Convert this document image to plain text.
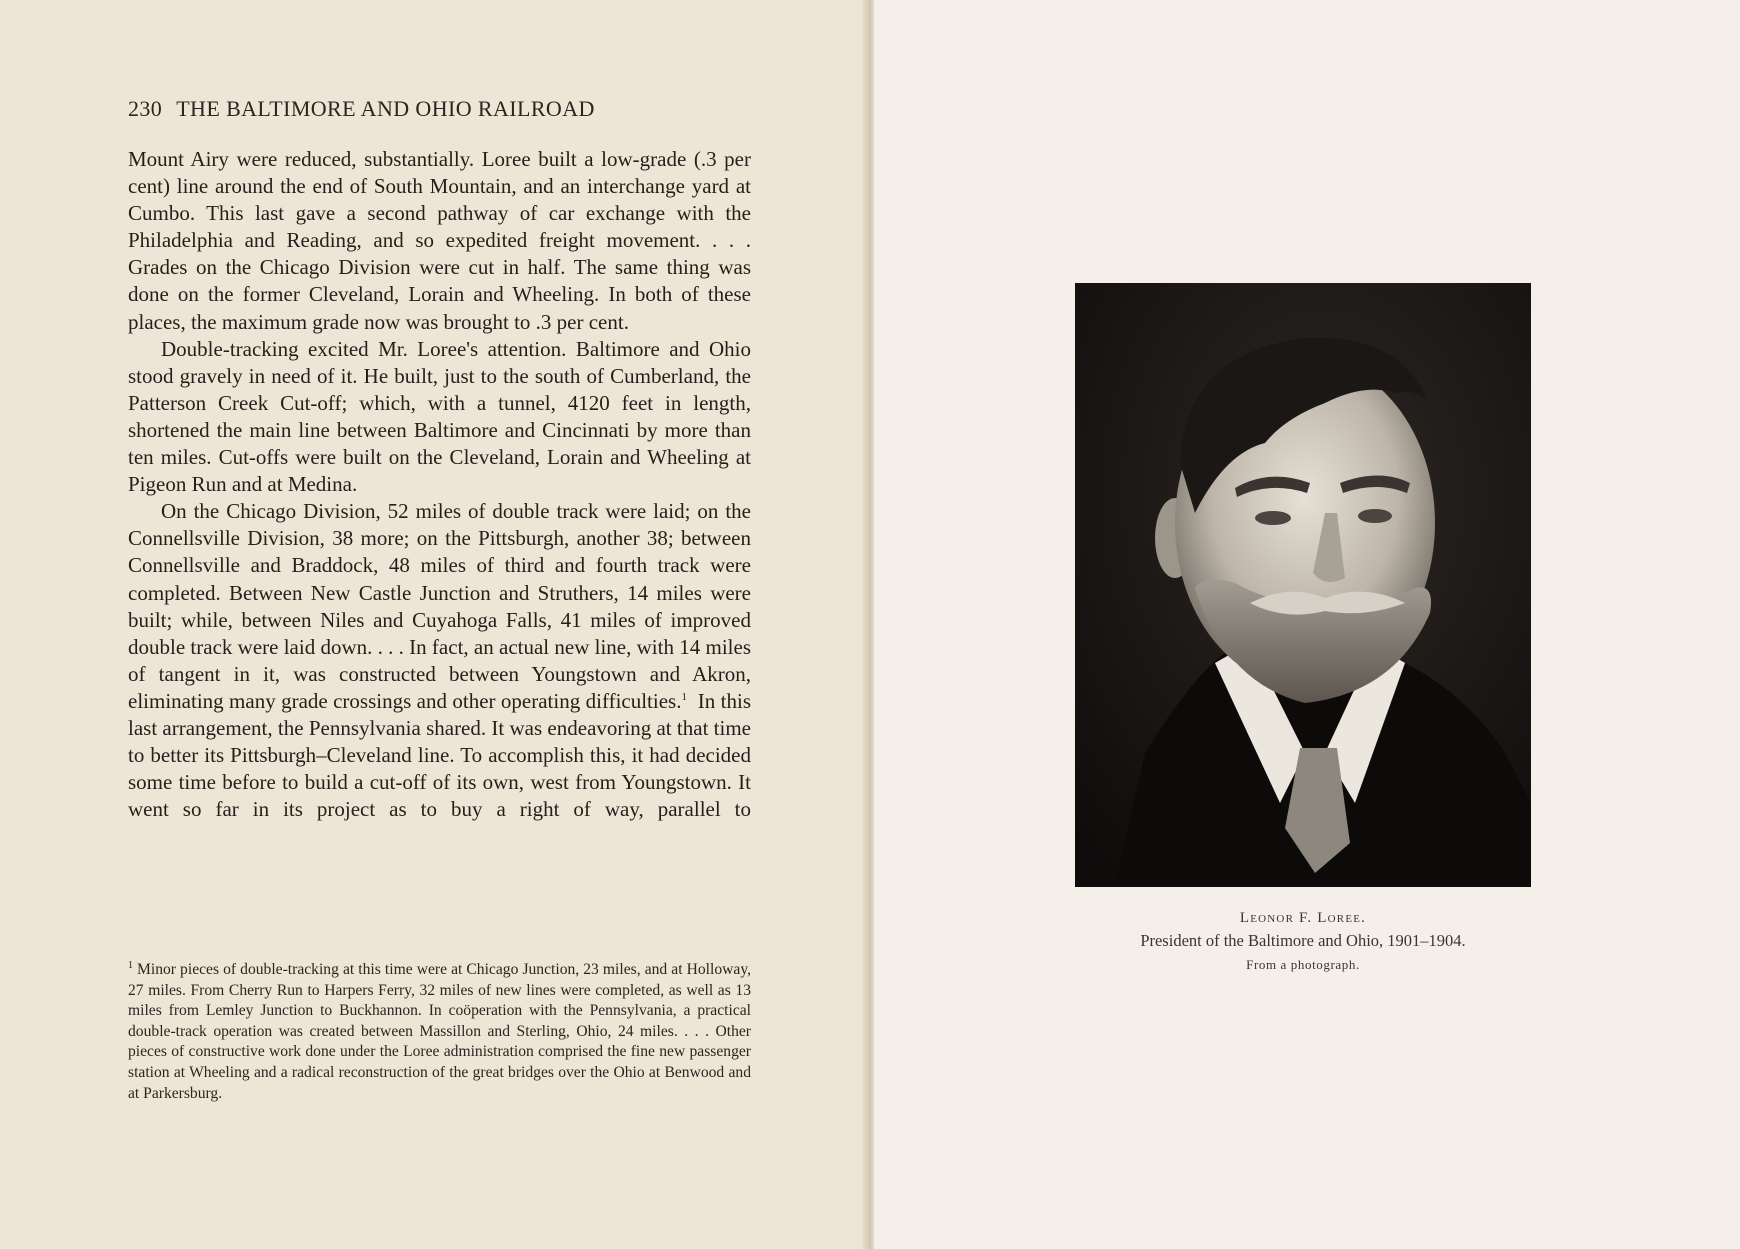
230 THE BALTIMORE AND OHIO RAILROAD

Mount Airy were reduced, substantially. Loree built a low-grade (.3 per cent) line around the end of South Mountain, and an interchange yard at Cumbo. This last gave a second pathway of car exchange with the Philadelphia and Reading, and so expedited freight movement. . . . Grades on the Chicago Division were cut in half. The same thing was done on the former Cleveland, Lorain and Wheeling. In both of these places, the maximum grade now was brought to .3 per cent.

Double-tracking excited Mr. Loree's attention. Baltimore and Ohio stood gravely in need of it. He built, just to the south of Cumberland, the Patterson Creek Cut-off; which, with a tunnel, 4120 feet in length, shortened the main line between Baltimore and Cincinnati by more than ten miles. Cut-offs were built on the Cleveland, Lorain and Wheeling at Pigeon Run and at Medina.

On the Chicago Division, 52 miles of double track were laid; on the Connellsville Division, 38 more; on the Pittsburgh, another 38; between Connellsville and Braddock, 48 miles of third and fourth track were completed. Between New Castle Junction and Struthers, 14 miles were built; while, between Niles and Cuyahoga Falls, 41 miles of improved double track were laid down. . . . In fact, an actual new line, with 14 miles of tangent in it, was constructed between Youngstown and Akron, eliminating many grade crossings and other operating difficulties.$^1$ In this last arrangement, the Pennsylvania shared. It was endeavoring at that time to better its Pittsburgh–Cleveland line. To accomplish this, it had decided some time before to build a cut-off of its own, west from Youngstown. It went so far in its project as to buy a right of way, parallel to

$^1$ Minor pieces of double-tracking at this time were at Chicago Junction, 23 miles, and at Holloway, 27 miles. From Cherry Run to Harpers Ferry, 32 miles of new lines were completed, as well as 13 miles from Lemley Junction to Buckhannon. In coöperation with the Pennsylvania, a practical double-track operation was created between Massillon and Sterling, Ohio, 24 miles. . . . Other pieces of constructive work done under the Loree administration comprised the fine new passenger station at Wheeling and a radical reconstruction of the great bridges over the Ohio at Benwood and at Parkersburg.
Leonor F. Loree.
President of the Baltimore and Ohio, 1901–1904.
From a photograph.
